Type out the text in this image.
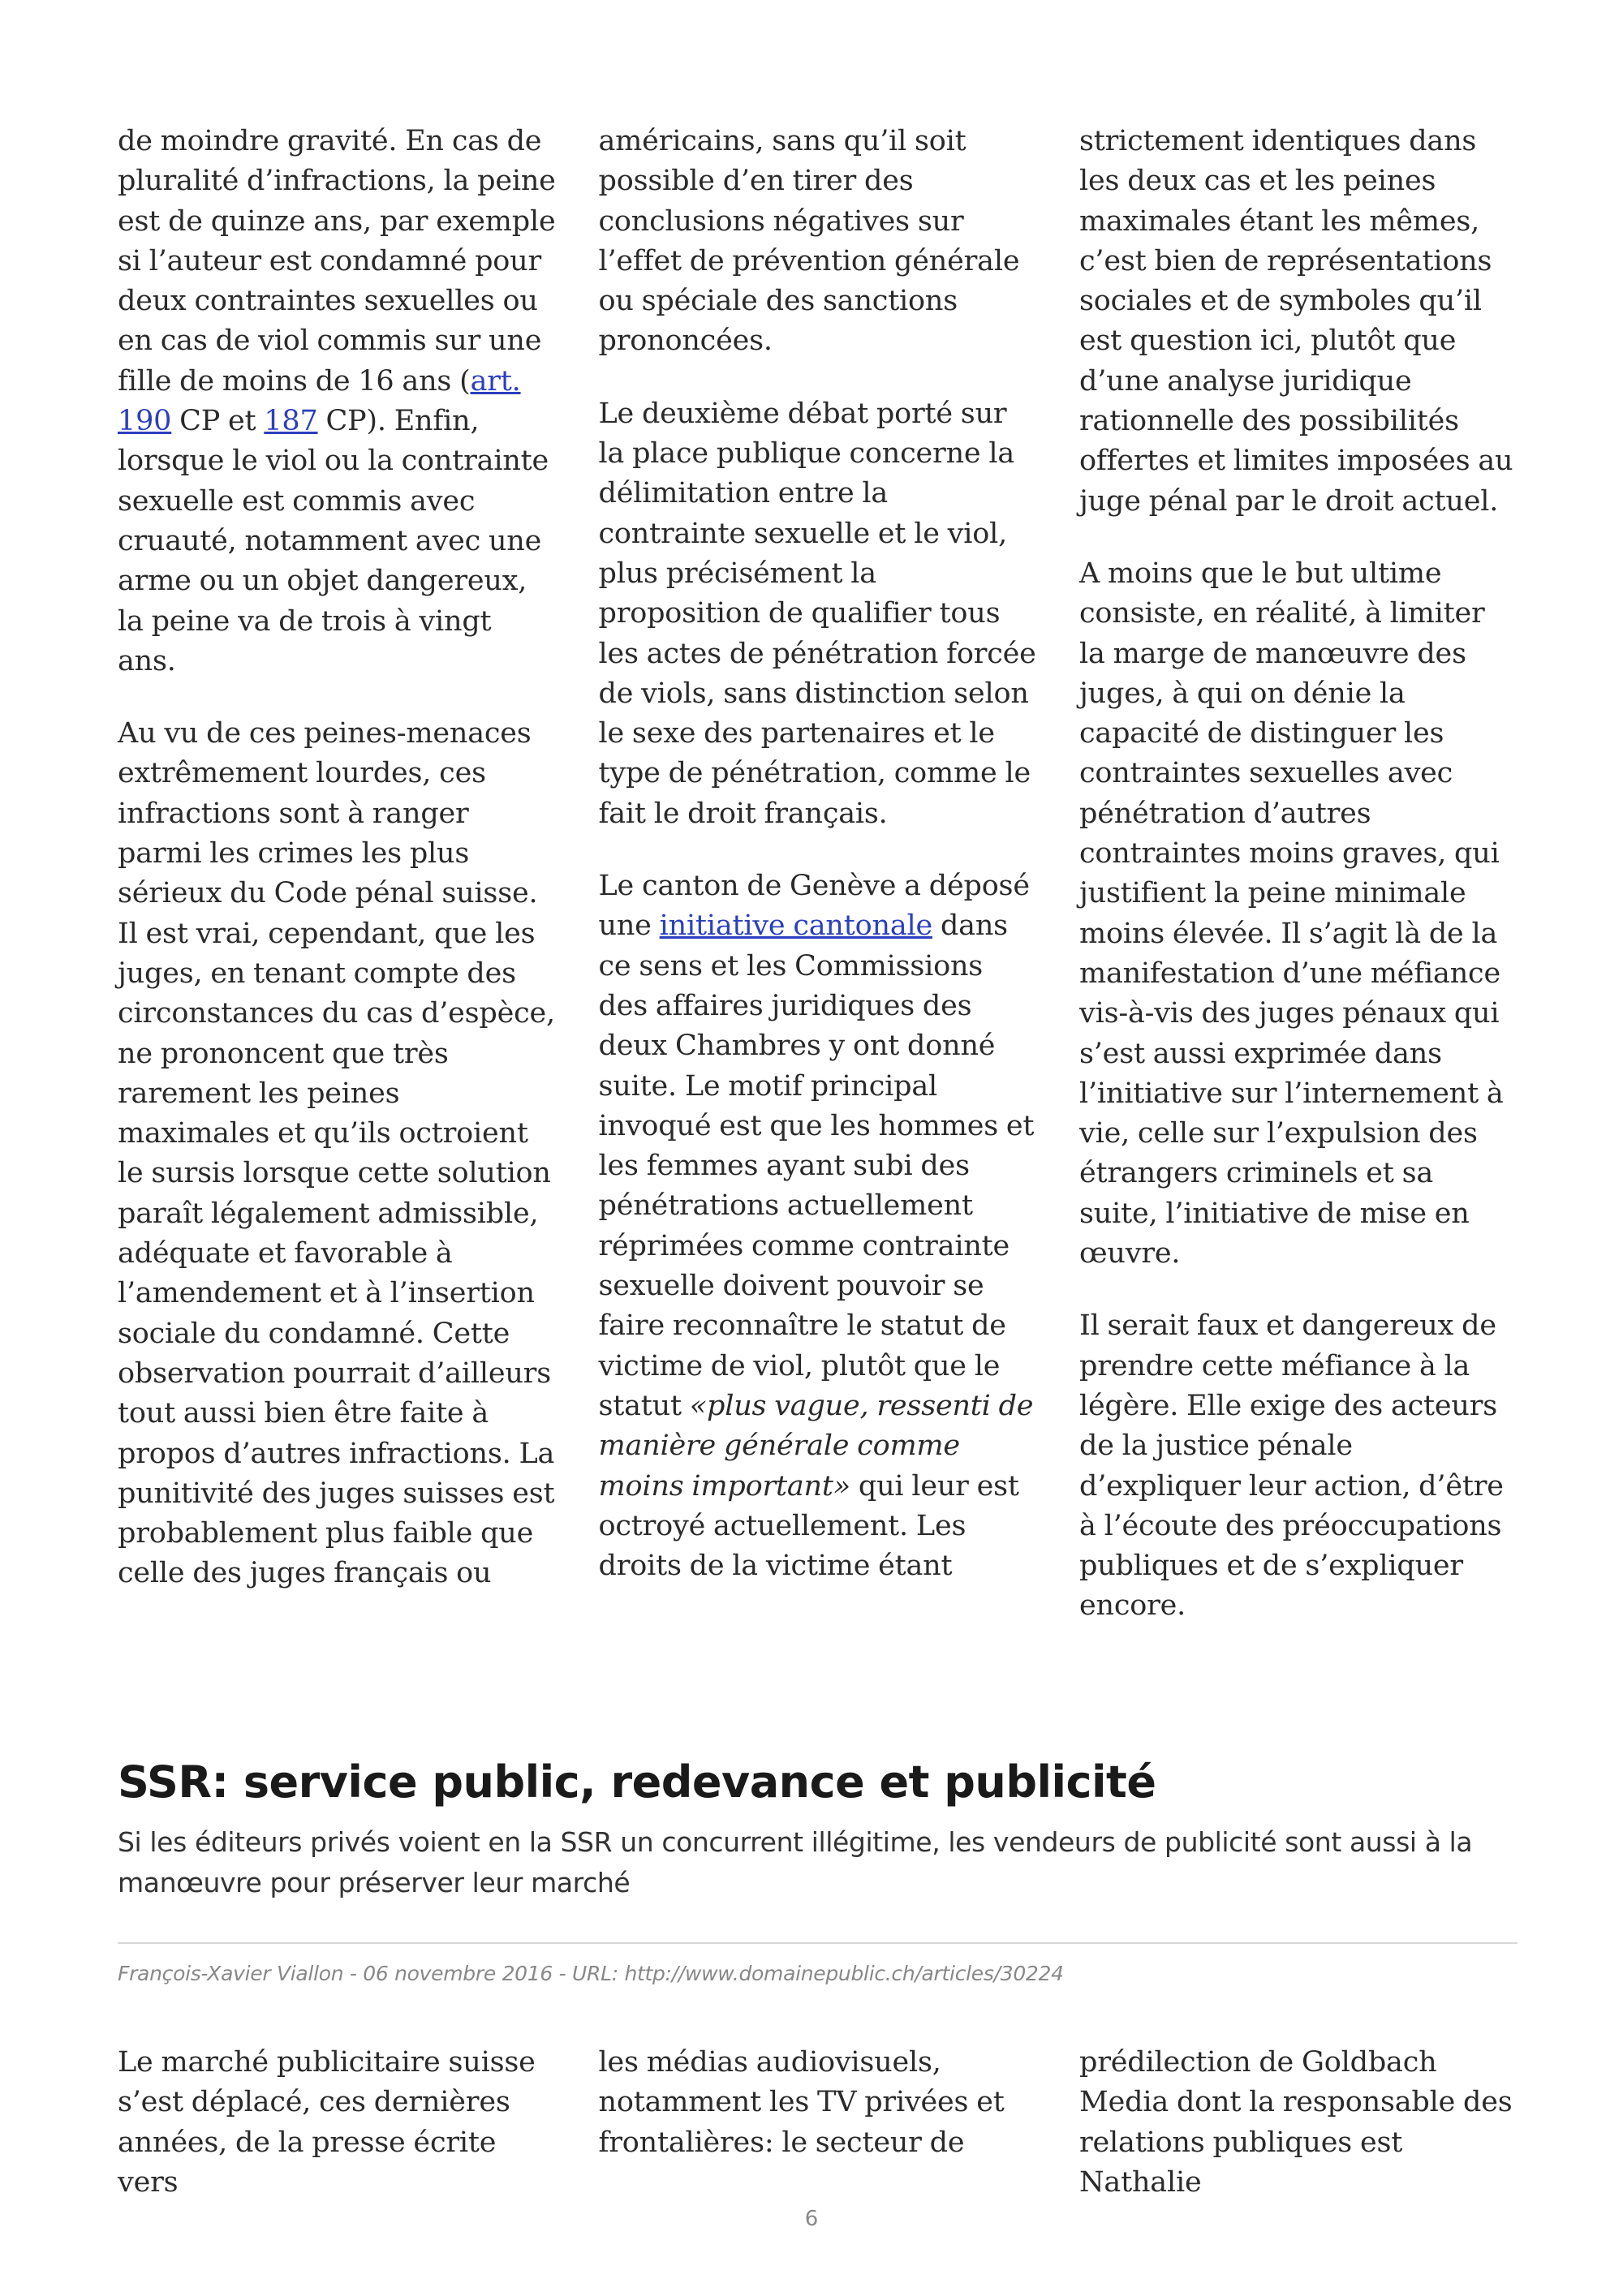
de moindre gravité. En cas de pluralité d’infractions, la peine est de quinze ans, par exemple si l’auteur est condamné pour deux contraintes sexuelles ou en cas de viol commis sur une fille de moins de 16 ans (art. 190 CP et 187 CP). Enfin, lorsque le viol ou la contrainte sexuelle est commis avec cruauté, notamment avec une arme ou un objet dangereux, la peine va de trois à vingt ans.

Au vu de ces peines-menaces extrêmement lourdes, ces infractions sont à ranger parmi les crimes les plus sérieux du Code pénal suisse. Il est vrai, cependant, que les juges, en tenant compte des circonstances du cas d’espèce, ne prononcent que très rarement les peines maximales et qu’ils octroient le sursis lorsque cette solution paraît légalement admissible, adéquate et favorable à l’amendement et à l’insertion sociale du condamné. Cette observation pourrait d’ailleurs tout aussi bien être faite à propos d’autres infractions. La punitivité des juges suisses est probablement plus faible que celle des juges français ou

américains, sans qu’il soit possible d’en tirer des conclusions négatives sur l’effet de prévention générale ou spéciale des sanctions prononcées.

Le deuxième débat porté sur la place publique concerne la délimitation entre la contrainte sexuelle et le viol, plus précisément la proposition de qualifier tous les actes de pénétration forcée de viols, sans distinction selon le sexe des partenaires et le type de pénétration, comme le fait le droit français.

Le canton de Genève a déposé une initiative cantonale dans ce sens et les Commissions des affaires juridiques des deux Chambres y ont donné suite. Le motif principal invoqué est que les hommes et les femmes ayant subi des pénétrations actuellement réprimées comme contrainte sexuelle doivent pouvoir se faire reconnaître le statut de victime de viol, plutôt que le statut «plus vague, ressenti de manière générale comme moins important» qui leur est octroyé actuellement. Les droits de la victime étant

strictement identiques dans les deux cas et les peines maximales étant les mêmes, c’est bien de représentations sociales et de symboles qu’il est question ici, plutôt que d’une analyse juridique rationnelle des possibilités offertes et limites imposées au juge pénal par le droit actuel.

A moins que le but ultime consiste, en réalité, à limiter la marge de manœuvre des juges, à qui on dénie la capacité de distinguer les contraintes sexuelles avec pénétration d’autres contraintes moins graves, qui justifient la peine minimale moins élevée. Il s’agit là de la manifestation d’une méfiance vis-à-vis des juges pénaux qui s’est aussi exprimée dans l’initiative sur l’internement à vie, celle sur l’expulsion des étrangers criminels et sa suite, l’initiative de mise en œuvre.

Il serait faux et dangereux de prendre cette méfiance à la légère. Elle exige des acteurs de la justice pénale d’expliquer leur action, d’être à l’écoute des préoccupations publiques et de s’expliquer encore.

SSR: service public, redevance et publicité

Si les éditeurs privés voient en la SSR un concurrent illégitime, les vendeurs de publicité sont aussi à la manœuvre pour préserver leur marché

François-Xavier Viallon - 06 novembre 2016 - URL: http://www.domainepublic.ch/articles/30224

Le marché publicitaire suisse s’est déplacé, ces dernières années, de la presse écrite vers

les médias audiovisuels, notamment les TV privées et frontalières: le secteur de

prédilection de Goldbach Media dont la responsable des relations publiques est Nathalie

6
